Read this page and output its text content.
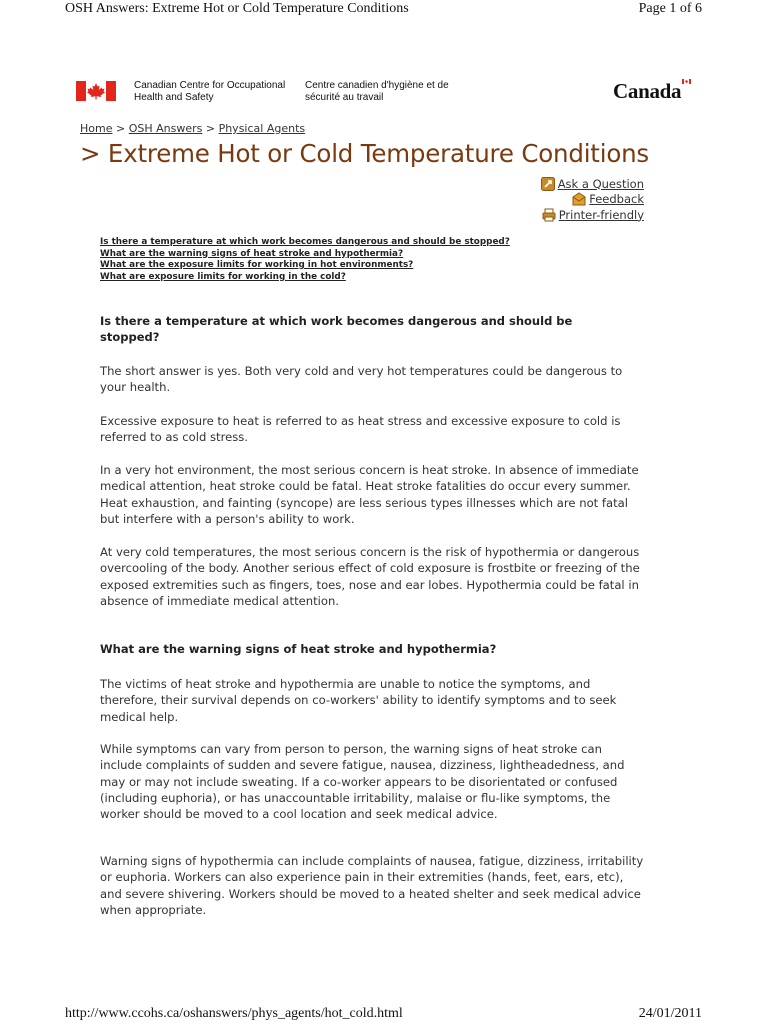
OSH Answers: Extreme Hot or Cold Temperature Conditions	Page 1 of 6
Canadian Centre for Occupational Health and Safety
Centre canadien d'hygiène et de sécurité au travail	Canada
Home > OSH Answers > Physical Agents
> Extreme Hot or Cold Temperature Conditions
Ask a Question
Feedback
Printer-friendly
Is there a temperature at which work becomes dangerous and should be stopped?
What are the warning signs of heat stroke and hypothermia?
What are the exposure limits for working in hot environments?
What are exposure limits for working in the cold?
Is there a temperature at which work becomes dangerous and should be stopped?
The short answer is yes. Both very cold and very hot temperatures could be dangerous to your health.
Excessive exposure to heat is referred to as heat stress and excessive exposure to cold is referred to as cold stress.
In a very hot environment, the most serious concern is heat stroke. In absence of immediate medical attention, heat stroke could be fatal. Heat stroke fatalities do occur every summer. Heat exhaustion, and fainting (syncope) are less serious types illnesses which are not fatal but interfere with a person's ability to work.
At very cold temperatures, the most serious concern is the risk of hypothermia or dangerous overcooling of the body. Another serious effect of cold exposure is frostbite or freezing of the exposed extremities such as fingers, toes, nose and ear lobes. Hypothermia could be fatal in absence of immediate medical attention.
What are the warning signs of heat stroke and hypothermia?
The victims of heat stroke and hypothermia are unable to notice the symptoms, and therefore, their survival depends on co-workers' ability to identify symptoms and to seek medical help.
While symptoms can vary from person to person, the warning signs of heat stroke can include complaints of sudden and severe fatigue, nausea, dizziness, lightheadedness, and may or may not include sweating. If a co-worker appears to be disorientated or confused (including euphoria), or has unaccountable irritability, malaise or flu-like symptoms, the worker should be moved to a cool location and seek medical advice.
Warning signs of hypothermia can include complaints of nausea, fatigue, dizziness, irritability or euphoria. Workers can also experience pain in their extremities (hands, feet, ears, etc), and severe shivering. Workers should be moved to a heated shelter and seek medical advice when appropriate.
http://www.ccohs.ca/oshanswers/phys_agents/hot_cold.html	24/01/2011
